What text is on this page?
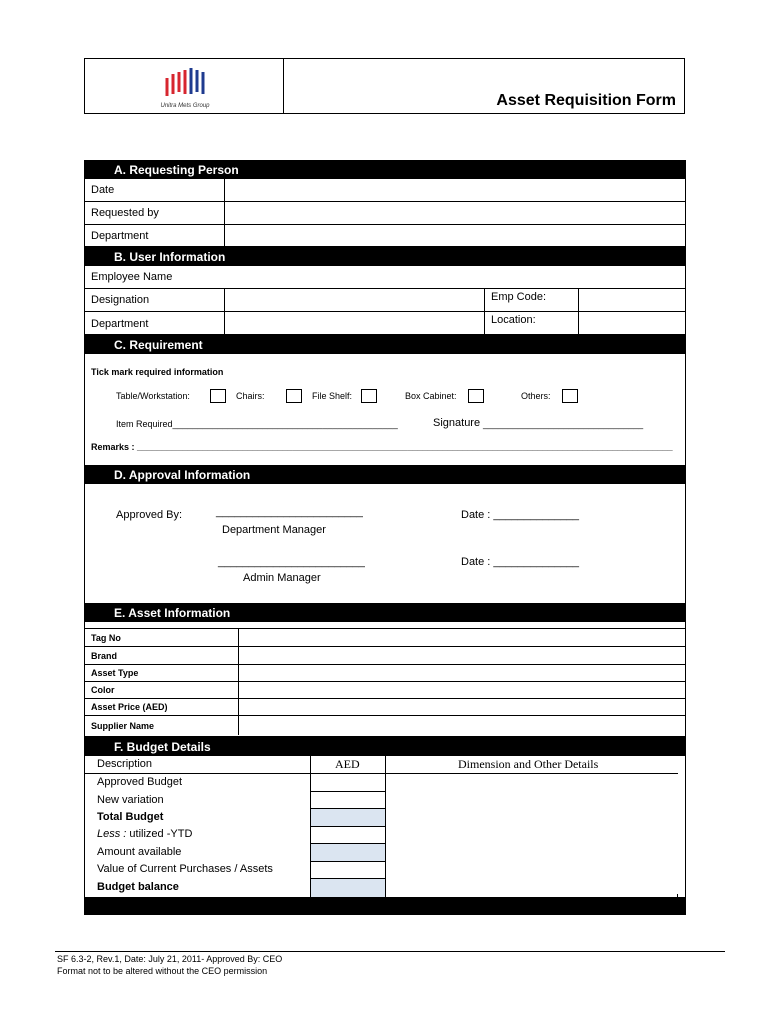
Unitra Mets Group	Asset Requisition Form
A. Requesting Person
Date
Requested by
Department
B. User Information
Employee Name
Designation	Emp Code:
Department	Location:
C. Requirement
Tick mark required information
Table/Workstation:	Chairs:	File Shelf:	Box Cabinet:	Others:
Item Required_____________________________________________	Signature ________________________________
Remarks : ___________________________________________________________________________________________________________
D. Approval Information
Approved By:	________________________
Department Manager
Date : ______________
________________________
Admin Manager
Date : ______________
E. Asset Information
Tag No
Brand
Asset Type
Color
Asset Price (AED)
Supplier Name
F. Budget Details
Description	AED	Dimension and Other Details
Approved Budget
New variation
Total Budget
Less : utilized -YTD
Amount available
Value of Current Purchases / Assets
Budget balance
SF 6.3-2, Rev.1, Date: July 21, 2011- Approved By: CEO
Format not to be altered without the CEO permission
